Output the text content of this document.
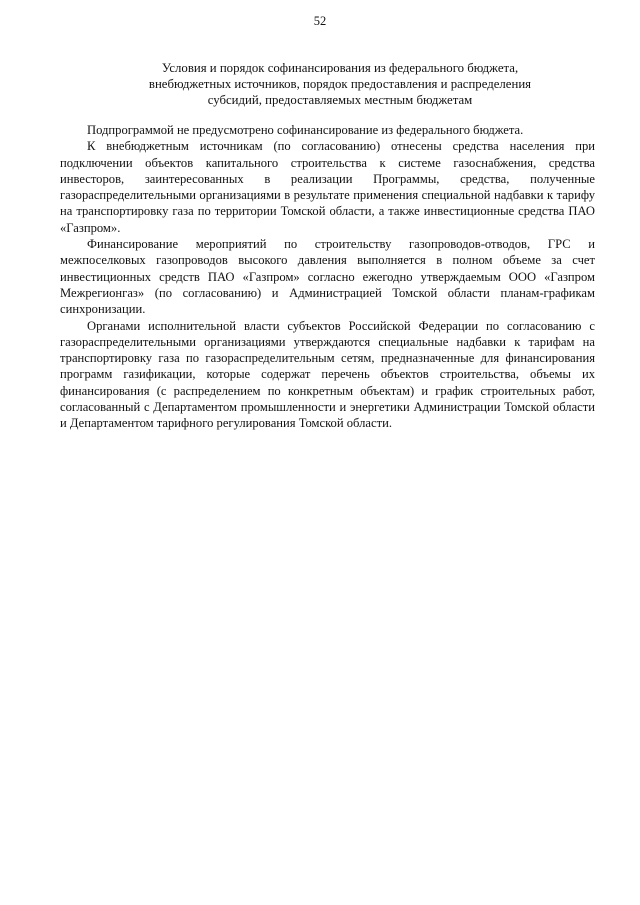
52
Условия и порядок софинансирования из федерального бюджета,
внебюджетных источников, порядок предоставления и распределения
субсидий, предоставляемых местным бюджетам

Подпрограммой не предусмотрено софинансирование из федерального бюджета.

К внебюджетным источникам (по согласованию) отнесены средства населения при подключении объектов капитального строительства к системе газоснабжения, средства инвесторов, заинтересованных в реализации Программы, средства, полученные газораспределительными организациями в результате применения специальной надбавки к тарифу на транспортировку газа по территории Томской области, а также инвестиционные средства ПАО «Газпром».

Финансирование мероприятий по строительству газопроводов-отводов, ГРС и межпоселковых газопроводов высокого давления выполняется в полном объеме за счет инвестиционных средств ПАО «Газпром» согласно ежегодно утверждаемым ООО «Газпром Межрегионгаз» (по согласованию) и Администрацией Томской области планам-графикам синхронизации.

Органами исполнительной власти субъектов Российской Федерации по согласованию с газораспределительными организациями утверждаются специальные надбавки к тарифам на транспортировку газа по газораспределительным сетям, предназначенные для финансирования программ газификации, которые содержат перечень объектов строительства, объемы их финансирования (с распределением по конкретным объектам) и график строительных работ, согласованный с Департаментом промышленности и энергетики Администрации Томской области и Департаментом тарифного регулирования Томской области.
